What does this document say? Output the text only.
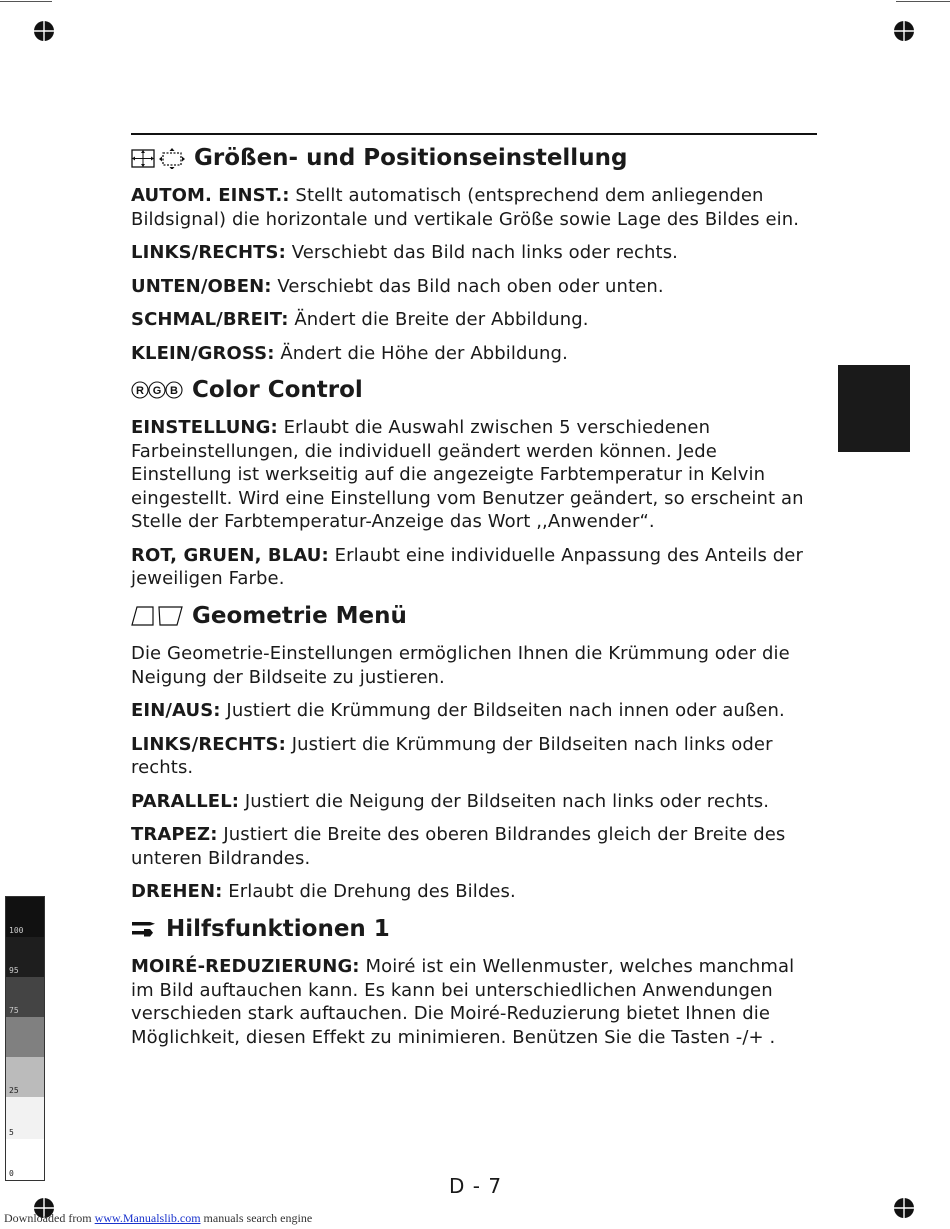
Größen- und Positionseinstellung

AUTOM. EINST.: Stellt automatisch (entsprechend dem anliegenden Bildsignal) die horizontale und vertikale Größe sowie Lage des Bildes ein.

LINKS/RECHTS: Verschiebt das Bild nach links oder rechts.

UNTEN/OBEN: Verschiebt das Bild nach oben oder unten.

SCHMAL/BREIT: Ändert die Breite der Abbildung.

KLEIN/GROSS: Ändert die Höhe der Abbildung.

R G B Color Control

EINSTELLUNG: Erlaubt die Auswahl zwischen 5 verschiedenen Farbeinstellungen, die individuell geändert werden können. Jede Einstellung ist werkseitig auf die angezeigte Farbtemperatur in Kelvin eingestellt. Wird eine Einstellung vom Benutzer geändert, so erscheint an Stelle der Farbtemperatur-Anzeige das Wort ,,Anwender“.

ROT, GRUEN, BLAU: Erlaubt eine individuelle Anpassung des Anteils der jeweiligen Farbe.

Geometrie Menü

Die Geometrie-Einstellungen ermöglichen Ihnen die Krümmung oder die Neigung der Bildseite zu justieren.

EIN/AUS: Justiert die Krümmung der Bildseiten nach innen oder außen.

LINKS/RECHTS: Justiert die Krümmung der Bildseiten nach links oder rechts.

PARALLEL: Justiert die Neigung der Bildseiten nach links oder rechts.

TRAPEZ: Justiert die Breite des oberen Bildrandes gleich der Breite des unteren Bildrandes.

DREHEN: Erlaubt die Drehung des Bildes.

Hilfsfunktionen 1

MOIRÉ-REDUZIERUNG: Moiré ist ein Wellenmuster, welches manchmal im Bild auftauchen kann. Es kann bei unterschiedlichen Anwendungen verschieden stark auftauchen. Die Moiré-Reduzierung bietet Ihnen die Möglichkeit, diesen Effekt zu minimieren. Benützen Sie die Tasten -/+ .

100
95
75
25
5
0
D - 7
Downloaded from www.Manualslib.com manuals search engine
